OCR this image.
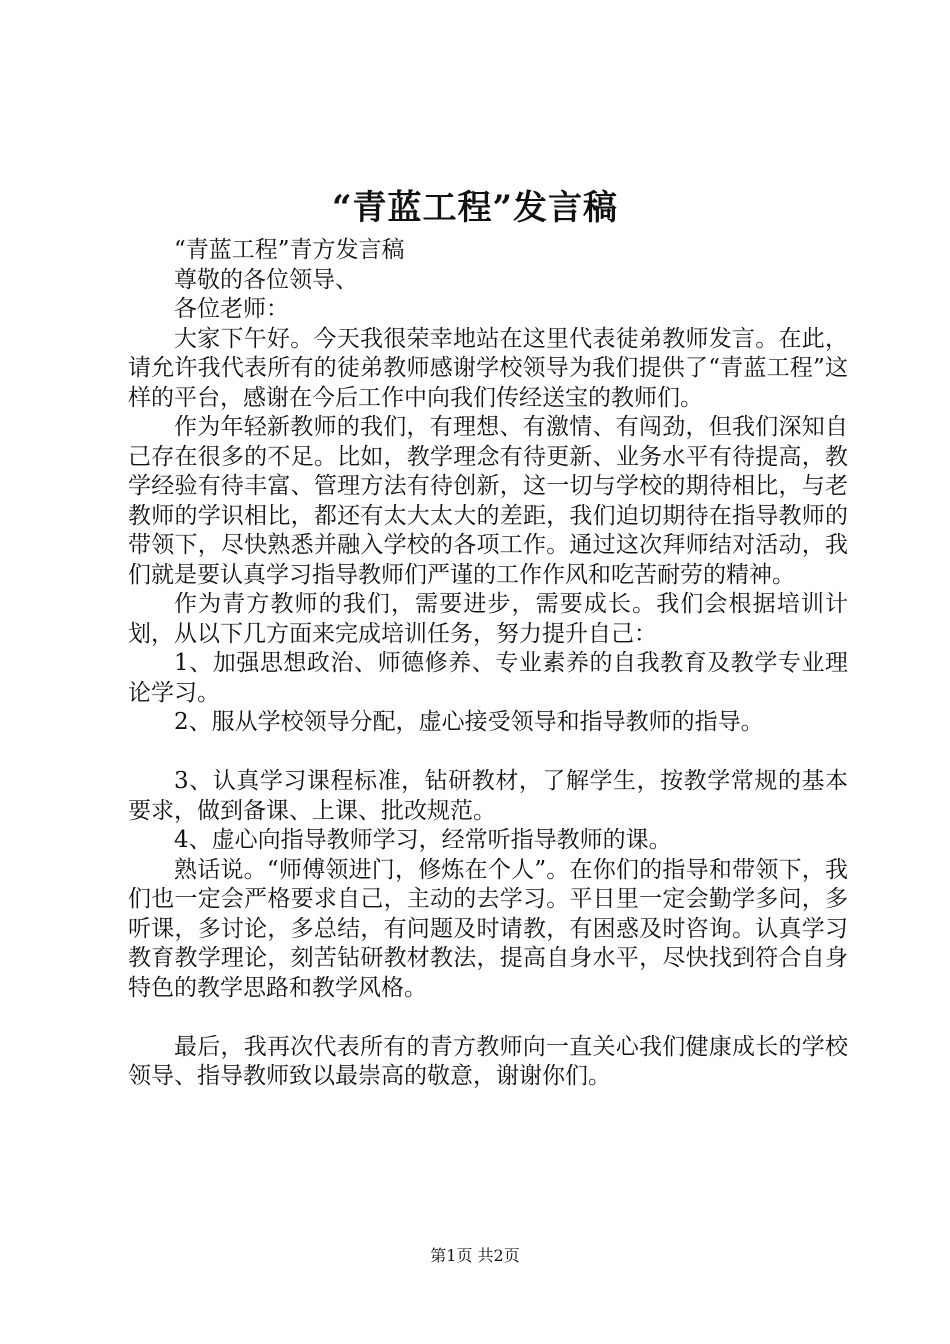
“青蓝工程”发言稿

“青蓝工程”青方发言稿

尊敬的各位领导、

各位老师：

大家下午好。今天我很荣幸地站在这里代表徒弟教师发言。在此，请允许我代表所有的徒弟教师感谢学校领导为我们提供了“青蓝工程”这样的平台，感谢在今后工作中向我们传经送宝的教师们。

作为年轻新教师的我们，有理想、有激情、有闯劲，但我们深知自己存在很多的不足。比如，教学理念有待更新、业务水平有待提高，教学经验有待丰富、管理方法有待创新，这一切与学校的期待相比，与老教师的学识相比，都还有太大太大的差距，我们迫切期待在指导教师的带领下，尽快熟悉并融入学校的各项工作。通过这次拜师结对活动，我们就是要认真学习指导教师们严谨的工作作风和吃苦耐劳的精神。

作为青方教师的我们，需要进步，需要成长。我们会根据培训计划，从以下几方面来完成培训任务，努力提升自己：

1、加强思想政治、师德修养、专业素养的自我教育及教学专业理论学习。

2、服从学校领导分配，虚心接受领导和指导教师的指导。

3、认真学习课程标准，钻研教材，了解学生，按教学常规的基本要求，做到备课、上课、批改规范。

4、虚心向指导教师学习，经常听指导教师的课。

熟话说。“师傅领进门，修炼在个人”。在你们的指导和带领下，我们也一定会严格要求自己，主动的去学习。平日里一定会勤学多问，多听课，多讨论，多总结，有问题及时请教，有困惑及时咨询。认真学习教育教学理论，刻苦钻研教材教法，提高自身水平，尽快找到符合自身特色的教学思路和教学风格。

最后，我再次代表所有的青方教师向一直关心我们健康成长的学校领导、指导教师致以最崇高的敬意，谢谢你们。

第1页 共2页
